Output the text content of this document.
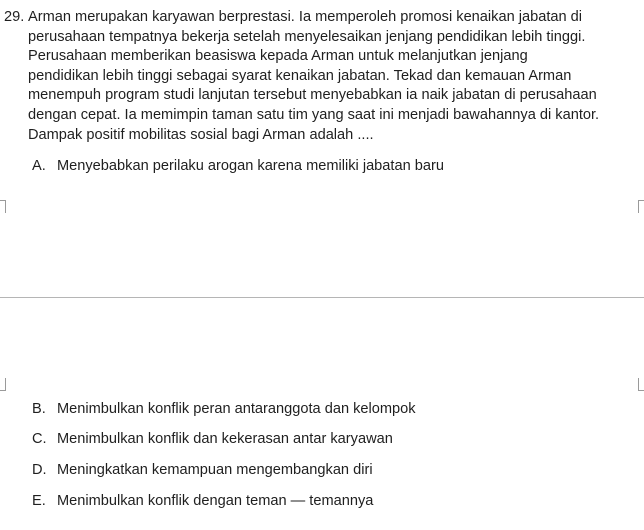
29. Arman merupakan karyawan berprestasi. Ia memperoleh promosi kenaikan jabatan di
perusahaan tempatnya bekerja setelah menyelesaikan jenjang pendidikan lebih tinggi.
Perusahaan memberikan beasiswa kepada Arman untuk melanjutkan jenjang
pendidikan lebih tinggi sebagai syarat kenaikan jabatan. Tekad dan kemauan Arman
menempuh program studi lanjutan tersebut menyebabkan ia naik jabatan di perusahaan
dengan cepat. Ia memimpin taman satu tim yang saat ini menjadi bawahannya di kantor.
Dampak positif mobilitas sosial bagi Arman adalah ....
A. Menyebabkan perilaku arogan karena memiliki jabatan baru
B. Menimbulkan konflik peran antaranggota dan kelompok
C. Menimbulkan konflik dan kekerasan antar karyawan
D. Meningkatkan kemampuan mengembangkan diri
E. Menimbulkan konflik dengan teman — temannya
